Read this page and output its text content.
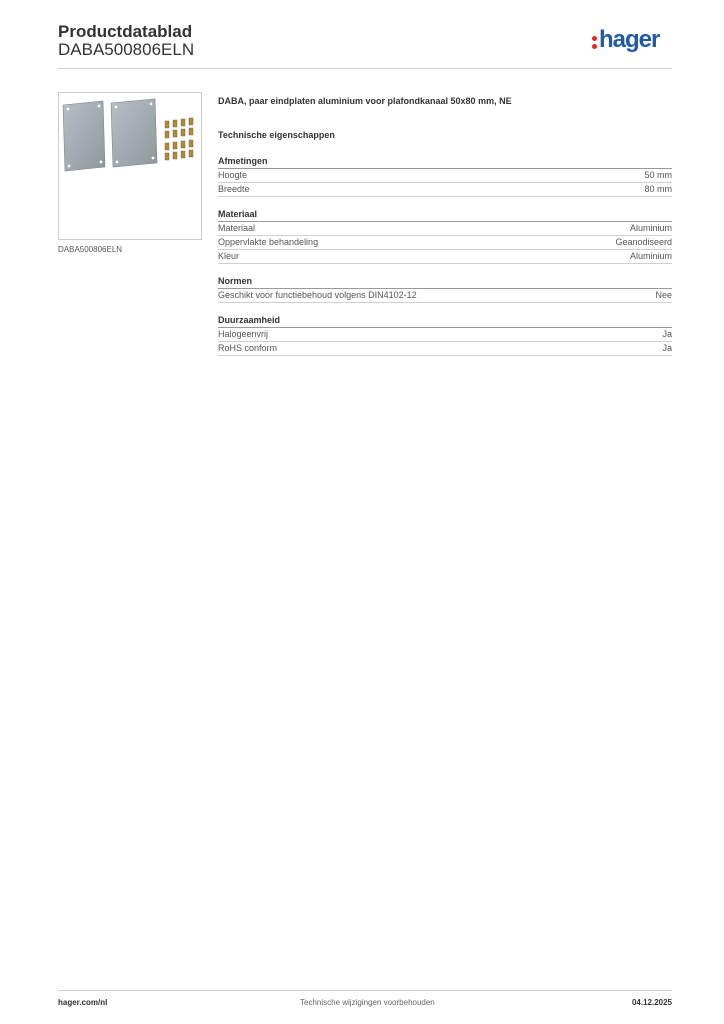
Productdatablad
DABA500806ELN	hager
DABA500806ELN
DABA, paar eindplaten aluminium voor plafondkanaal 50x80 mm, NE
Technische eigenschappen
Afmetingen
Hoogte	50 mm
Breedte	80 mm
Materiaal
Materiaal	Aluminium
Oppervlakte behandeling	Geanodiseerd
Kleur	Aluminium
Normen
Geschikt voor functiebehoud volgens DIN4102-12	Nee
Duurzaamheid
Halogeenvrij	Ja
RoHS conform	Ja
hager.com/nl	Technische wijzigingen voorbehouden	04.12.2025
